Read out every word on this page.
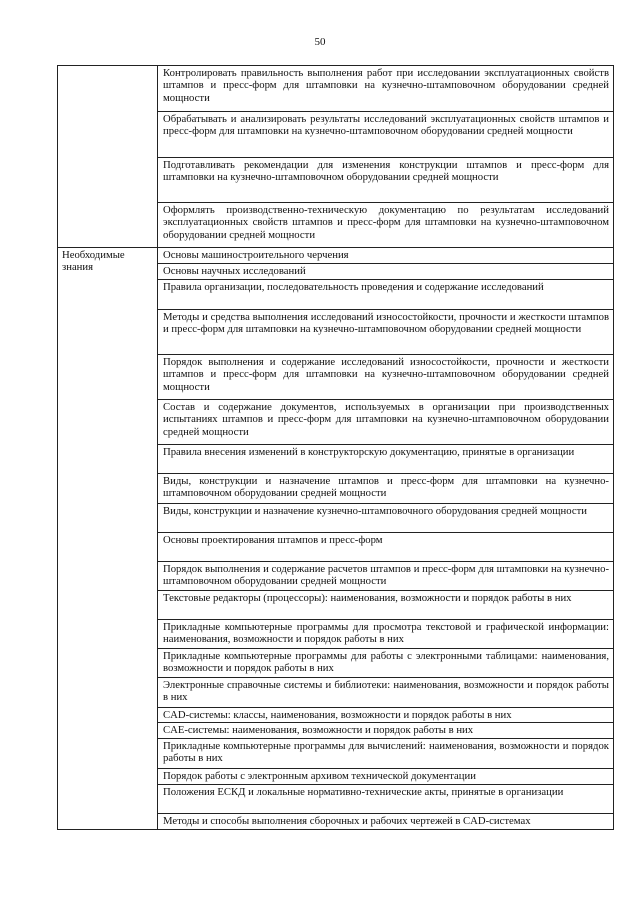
50
	Контролировать правильность выполнения работ при исследовании эксплуатационных свойств штампов и пресс-форм для штамповки на кузнечно-штамповочном оборудовании средней мощности
	Обрабатывать и анализировать результаты исследований эксплуатационных свойств штампов и пресс-форм для штамповки на кузнечно-штамповочном оборудовании средней мощности
	Подготавливать рекомендации для изменения конструкции штампов и пресс-форм для штамповки на кузнечно-штамповочном оборудовании средней мощности
	Оформлять производственно-техническую документацию по результатам исследований эксплуатационных свойств штампов и пресс-форм для штамповки на кузнечно-штамповочном оборудовании средней мощности
Необходимые знания	Основы машиностроительного черчения
	Основы научных исследований
	Правила организации, последовательность проведения и содержание исследований
	Методы и средства выполнения исследований износостойкости, прочности и жесткости штампов и пресс-форм для штамповки на кузнечно-штамповочном оборудовании средней мощности
	Порядок выполнения и содержание исследований износостойкости, прочности и жесткости штампов и пресс-форм для штамповки на кузнечно-штамповочном оборудовании средней мощности
	Состав и содержание документов, используемых в организации при производственных испытаниях штампов и пресс-форм для штамповки на кузнечно-штамповочном оборудовании средней мощности
	Правила внесения изменений в конструкторскую документацию, принятые в организации
	Виды, конструкции и назначение штампов и пресс-форм для штамповки на кузнечно-штамповочном оборудовании средней мощности
	Виды, конструкции и назначение кузнечно-штамповочного оборудования средней мощности
	Основы проектирования штампов и пресс-форм
	Порядок выполнения и содержание расчетов штампов и пресс-форм для штамповки на кузнечно-штамповочном оборудовании средней мощности
	Текстовые редакторы (процессоры): наименования, возможности и порядок работы в них
	Прикладные компьютерные программы для просмотра текстовой и графической информации: наименования, возможности и порядок работы в них
	Прикладные компьютерные программы для работы с электронными таблицами: наименования, возможности и порядок работы в них
	Электронные справочные системы и библиотеки: наименования, возможности и порядок работы в них
	CAD-системы: классы, наименования, возможности и порядок работы в них
	CAE-системы: наименования, возможности и порядок работы в них
	Прикладные компьютерные программы для вычислений: наименования, возможности и порядок работы в них
	Порядок работы с электронным архивом технической документации
	Положения ЕСКД и локальные нормативно-технические акты, принятые в организации
	Методы и способы выполнения сборочных и рабочих чертежей в CAD-системах
